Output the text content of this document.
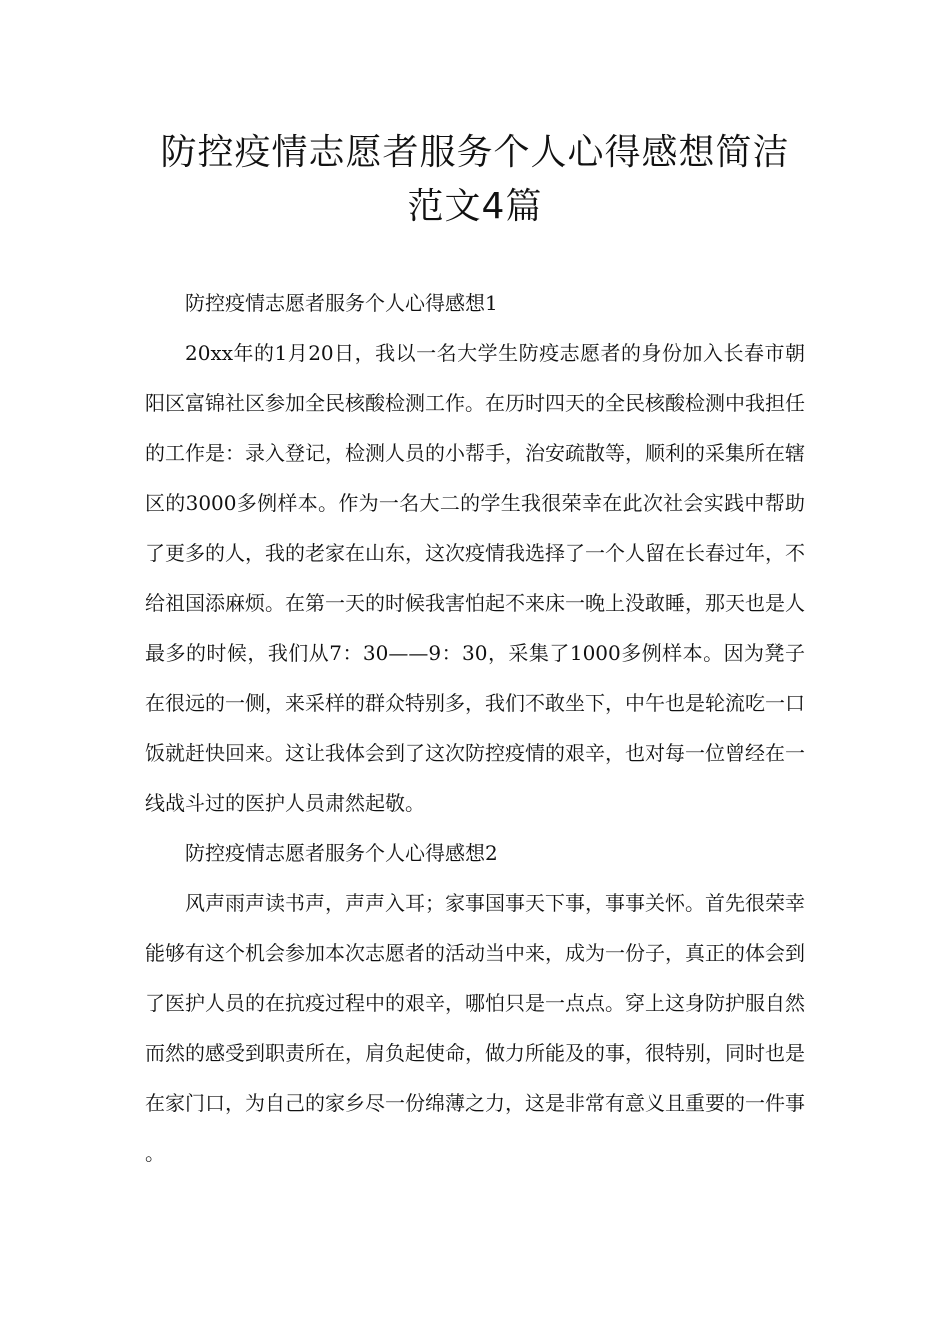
防控疫情志愿者服务个人心得感想简洁
范文4篇

防控疫情志愿者服务个人心得感想1

20xx年的1月20日，我以一名大学生防疫志愿者的身份加入长春市朝阳区富锦社区参加全民核酸检测工作。在历时四天的全民核酸检测中我担任的工作是：录入登记，检测人员的小帮手，治安疏散等，顺利的采集所在辖区的3000多例样本。作为一名大二的学生我很荣幸在此次社会实践中帮助了更多的人，我的老家在山东，这次疫情我选择了一个人留在长春过年，不给祖国添麻烦。在第一天的时候我害怕起不来床一晚上没敢睡，那天也是人最多的时候，我们从7：30——9：30，采集了1000多例样本。因为凳子在很远的一侧，来采样的群众特别多，我们不敢坐下，中午也是轮流吃一口饭就赶快回来。这让我体会到了这次防控疫情的艰辛，也对每一位曾经在一线战斗过的医护人员肃然起敬。

防控疫情志愿者服务个人心得感想2

风声雨声读书声，声声入耳；家事国事天下事，事事关怀。首先很荣幸能够有这个机会参加本次志愿者的活动当中来，成为一份子，真正的体会到了医护人员的在抗疫过程中的艰辛，哪怕只是一点点。穿上这身防护服自然而然的感受到职责所在，肩负起使命，做力所能及的事，很特别，同时也是在家门口，为自己的家乡尽一份绵薄之力，这是非常有意义且重要的一件事 。
